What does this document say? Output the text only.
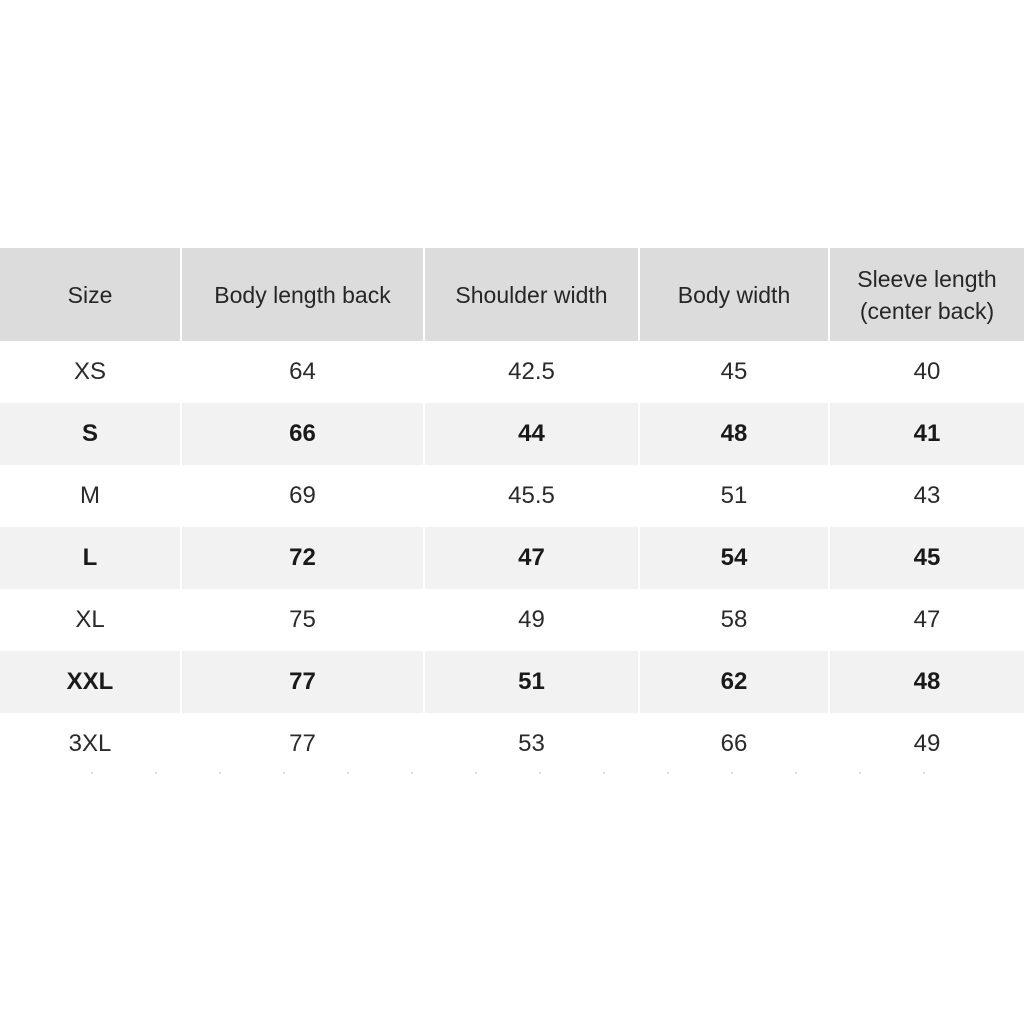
Size	Body length back	Shoulder width	Body width	Sleeve length
(center back)

XS	64	42.5	45	40
S	66	44	48	41
M	69	45.5	51	43
L	72	47	54	45
XL	75	49	58	47
XXL	77	51	62	48
3XL	77	53	66	49
